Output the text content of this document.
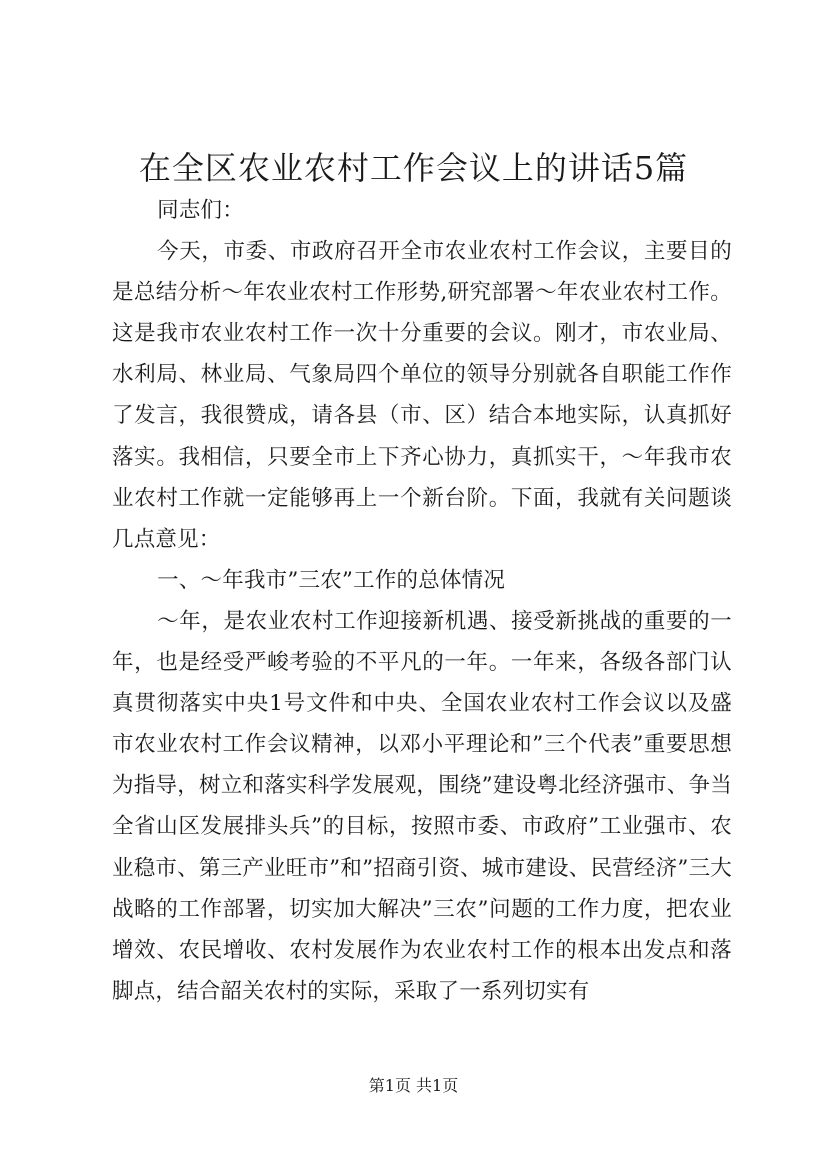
在全区农业农村工作会议上的讲话5篇

同志们：

今天，市委、市政府召开全市农业农村工作会议，主要目的是总结分析～年农业农村工作形势,研究部署～年农业农村工作。这是我市农业农村工作一次十分重要的会议。刚才，市农业局、水利局、林业局、气象局四个单位的领导分别就各自职能工作作了发言，我很赞成，请各县（市、区）结合本地实际，认真抓好落实。我相信，只要全市上下齐心协力，真抓实干，～年我市农业农村工作就一定能够再上一个新台阶。下面，我就有关问题谈几点意见：

一、～年我市”三农”工作的总体情况

～年，是农业农村工作迎接新机遇、接受新挑战的重要的一年，也是经受严峻考验的不平凡的一年。一年来，各级各部门认真贯彻落实中央1号文件和中央、全国农业农村工作会议以及盛市农业农村工作会议精神，以邓小平理论和”三个代表”重要思想为指导，树立和落实科学发展观，围绕”建设粤北经济强市、争当全省山区发展排头兵”的目标，按照市委、市政府”工业强市、农业稳市、第三产业旺市”和”招商引资、城市建设、民营经济”三大战略的工作部署，切实加大解决”三农”问题的工作力度，把农业增效、农民增收、农村发展作为农业农村工作的根本出发点和落脚点，结合韶关农村的实际，采取了一系列切实有

第1页 共1页
